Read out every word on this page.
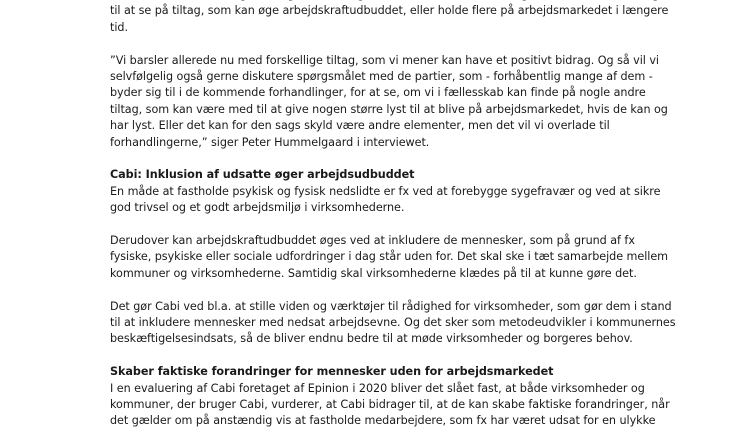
til at se på tiltag, som kan øge arbejdskraftudbuddet, eller holde flere på arbejdsmarkedet i længere
tid.

”Vi barsler allerede nu med forskellige tiltag, som vi mener kan have et positivt bidrag. Og så vil vi
selvfølgelig også gerne diskutere spørgsmålet med de partier, som - forhåbentlig mange af dem -
byder sig til i de kommende forhandlinger, for at se, om vi i fællesskab kan finde på nogle andre
tiltag, som kan være med til at give nogen større lyst til at blive på arbejdsmarkedet, hvis de kan og
har lyst. Eller det kan for den sags skyld være andre elementer, men det vil vi overlade til
forhandlingerne,” siger Peter Hummelgaard i interviewet.

Cabi: Inklusion af udsatte øger arbejdsudbuddet

En måde at fastholde psykisk og fysisk nedslidte er fx ved at forebygge sygefravær og ved at sikre
god trivsel og et godt arbejdsmiljø i virksomhederne.

Derudover kan arbejdskraftudbuddet øges ved at inkludere de mennesker, som på grund af fx
fysiske, psykiske eller sociale udfordringer i dag står uden for. Det skal ske i tæt samarbejde mellem
kommuner og virksomhederne. Samtidig skal virksomhederne klædes på til at kunne gøre det.

Det gør Cabi ved bl.a. at stille viden og værktøjer til rådighed for virksomheder, som gør dem i stand
til at inkludere mennesker med nedsat arbejdsevne. Og det sker som metodeudvikler i kommunernes
beskæftigelsesindsats, så de bliver endnu bedre til at møde virksomheder og borgeres behov.

Skaber faktiske forandringer for mennesker uden for arbejdsmarkedet

I en evaluering af Cabi foretaget af Epinion i 2020 bliver det slået fast, at både virksomheder og
kommuner, der bruger Cabi, vurderer, at Cabi bidrager til, at de kan skabe faktiske forandringer, når
det gælder om på anstændig vis at fastholde medarbejdere, som fx har været udsat for en ulykke
